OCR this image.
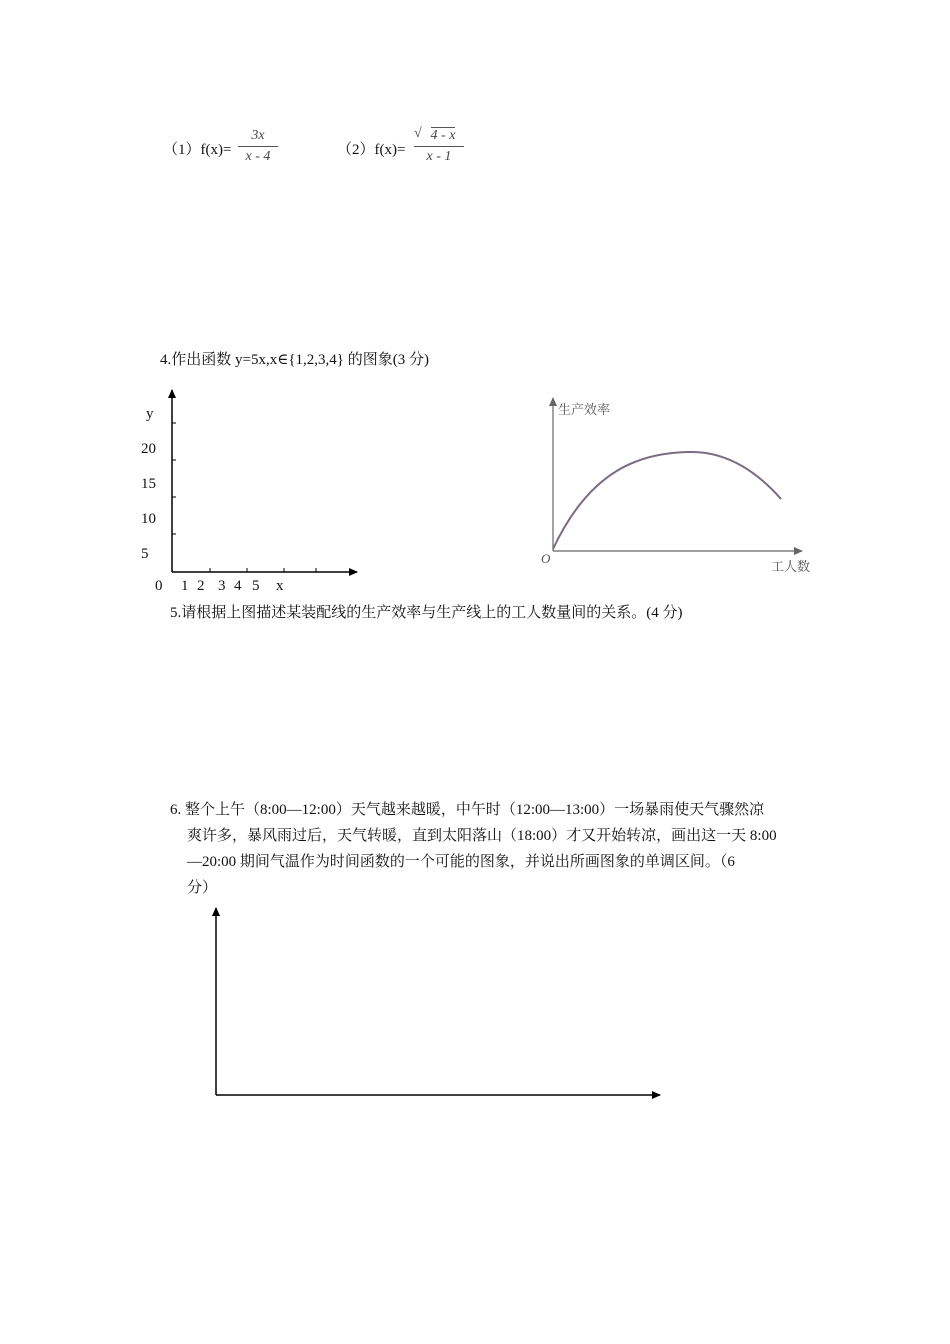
（1）f(x)=
3x
x - 4	（2）f(x)=
√ 4 - x
x - 1
4.作出函数 y=5x,x∈{1,2,3,4} 的图象(3 分)
y
20
15
10
5
0 1 2 3 4 5 x
生产效率
工人数
O
5.请根据上图描述某装配线的生产效率与生产线上的工人数量间的关系。(4 分)
6. 整个上午（8:00—12:00）天气越来越暖，中午时（12:00—13:00）一场暴雨使天气骤然凉
爽许多，暴风雨过后，天气转暖，直到太阳落山（18:00）才又开始转凉，画出这一天 8:00
—20:00 期间气温作为时间函数的一个可能的图象，并说出所画图象的单调区间。（6
分）
